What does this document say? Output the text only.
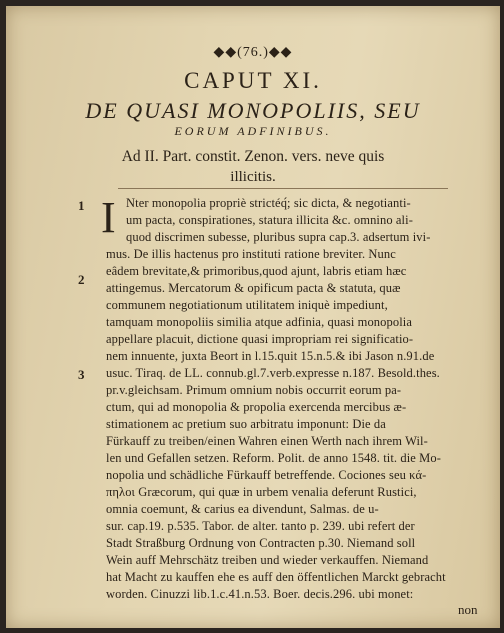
◆◆(76.)◆◆
CAPUT XI.
DE QUASI MONOPOLIIS, SEU
EORUM ADFINIBUS.
Ad II. Part. constit. Zenon. vers. neve quis
illicitis.
1
2
3
I Nter monopolia propriè strictéq́; sic dicta, & negotianti-
um pacta, conspirationes, statura illicita &c. omnino ali-
quod discrimen subesse, pluribus supra cap.3. adsertum ivi-
mus. De illis hactenus pro instituti ratione breviter. Nunc
eâdem brevitate,& primoribus,quod ajunt, labris etiam hæc
attingemus. Mercatorum & opificum pacta & statuta, quæ
communem negotiationum utilitatem iniquè impediunt,
tamquam monopoliis similia atque adfinia, quasi monopolia
appellare placuit, dictione quasi impropriam rei significatio-
nem innuente, juxta Beort in l.15.quit 15.n.5.& ibi Jason n.91.de
usuc. Tiraq. de LL. connub.gl.7.verb.expresse n.187. Besold.thes.
pr.v.gleichsam. Primum omnium nobis occurrit eorum pa-
ctum, qui ad monopolia & propolia exercenda mercibus æ-
stimationem ac pretium suo arbitratu imponunt: Die da
Fürkauff zu treiben/einen Wahren einen Werth nach ihrem Wil-
len und Gefallen setzen. Reform. Polit. de anno 1548. tit. die Mo-
nopolia und schädliche Fürkauff betreffende. Cociones seu κά-
πηλοι Græcorum, qui quæ in urbem venalia deferunt Rustici,
omnia coemunt, & carius ea divendunt, Salmas. de u-
sur. cap.19. p.535. Tabor. de alter. tanto p. 239. ubi refert der
Stadt Straßburg Ordnung von Contracten p.30. Niemand soll
Wein auff Mehrschätz treiben und wieder verkauffen. Niemand
hat Macht zu kauffen ehe es auff den öffentlichen Marckt gebracht
worden. Cinuzzi lib.1.c.41.n.53. Boer. decis.296. ubi monet:
non
